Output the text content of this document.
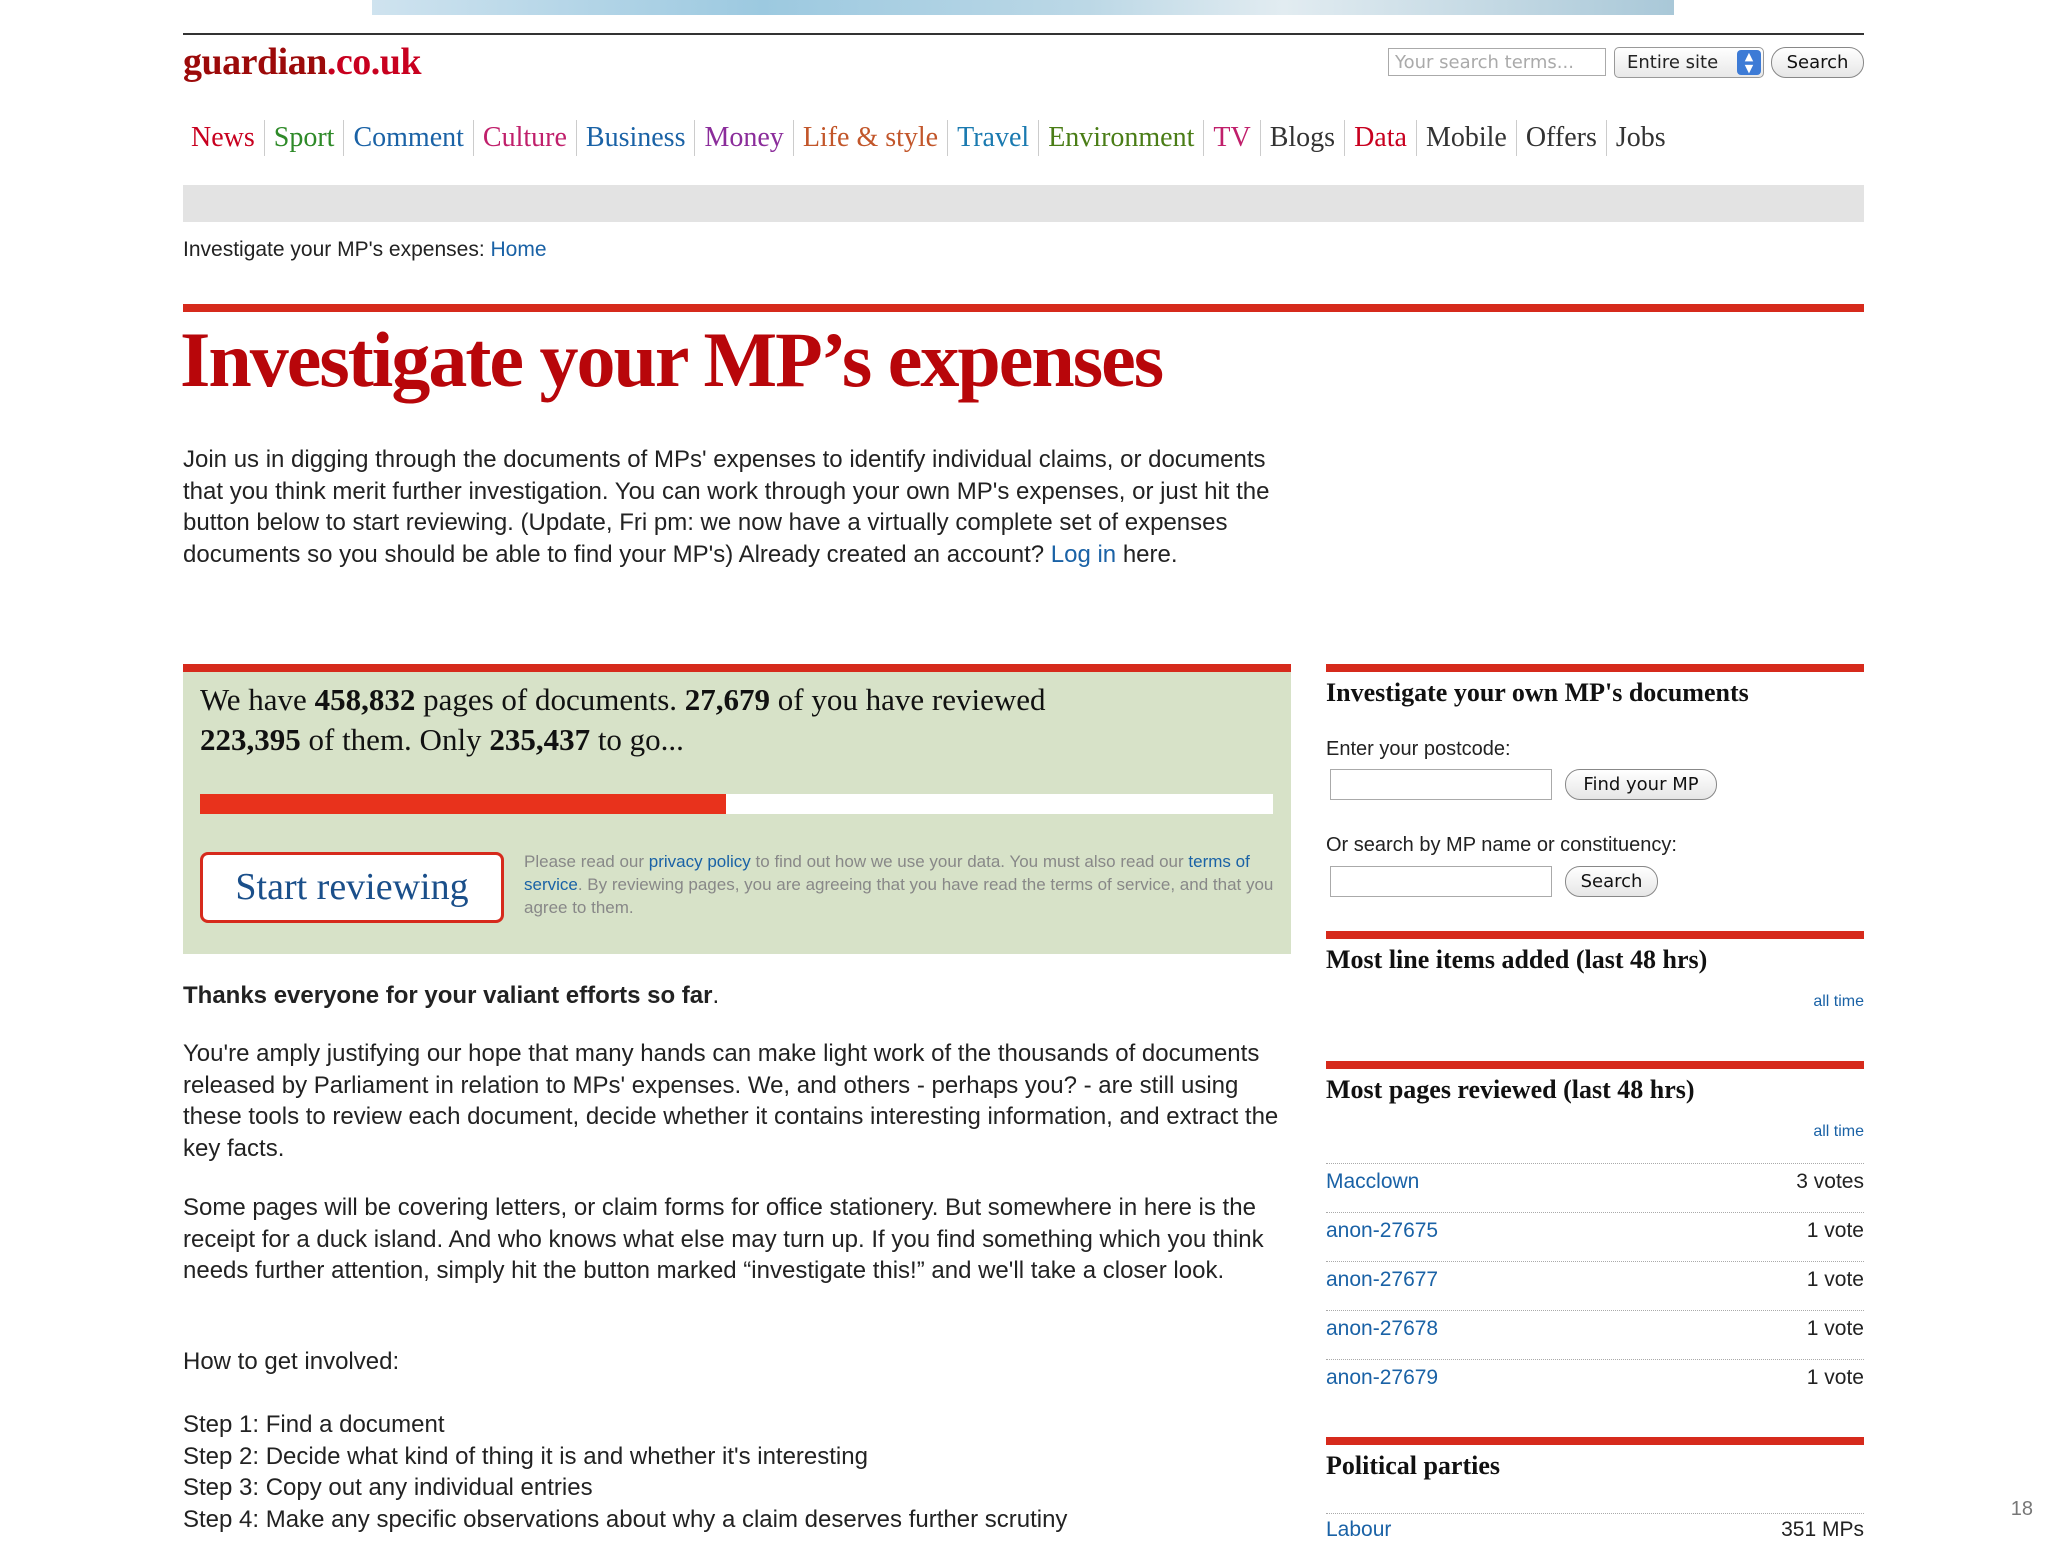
guardian.co.uk	Your search terms...	Entire site	▲
▼	Search
News Sport Comment Culture Business Money Life & style Travel Environment TV Blogs Data Mobile Offers Jobs
Investigate your MP's expenses: Home
Investigate your MP’s expenses
Join us in digging through the documents of MPs' expenses to identify individual claims, or documents that you think merit further investigation. You can work through your own MP's expenses, or just hit the button below to start reviewing. (Update, Fri pm: we now have a virtually complete set of expenses documents so you should be able to find your MP's) Already created an account? Log in here.
We have 458,832 pages of documents. 27,679 of you have reviewed
223,395 of them. Only 235,437 to go...
Start reviewing
Please read our privacy policy to find out how we use your data. You must also read our terms of service. By reviewing pages, you are agreeing that you have read the terms of service, and that you agree to them.
Thanks everyone for your valiant efforts so far.
You're amply justifying our hope that many hands can make light work of the thousands of documents released by Parliament in relation to MPs' expenses. We, and others - perhaps you? - are still using these tools to review each document, decide whether it contains interesting information, and extract the key facts.
Some pages will be covering letters, or claim forms for office stationery. But somewhere in here is the receipt for a duck island. And who knows what else may turn up. If you find something which you think needs further attention, simply hit the button marked “investigate this!” and we'll take a closer look.
How to get involved:
Step 1: Find a document
Step 2: Decide what kind of thing it is and whether it's interesting
Step 3: Copy out any individual entries
Step 4: Make any specific observations about why a claim deserves further scrutiny
Investigate your own MP's documents
Enter your postcode:
Find your MP
Or search by MP name or constituency:
Search
Most line items added (last 48 hrs)
all time
Most pages reviewed (last 48 hrs)
all time
Macclown	3 votes
anon-27675	1 vote
anon-27677	1 vote
anon-27678	1 vote
anon-27679	1 vote
Political parties
Labour	351 MPs
18
